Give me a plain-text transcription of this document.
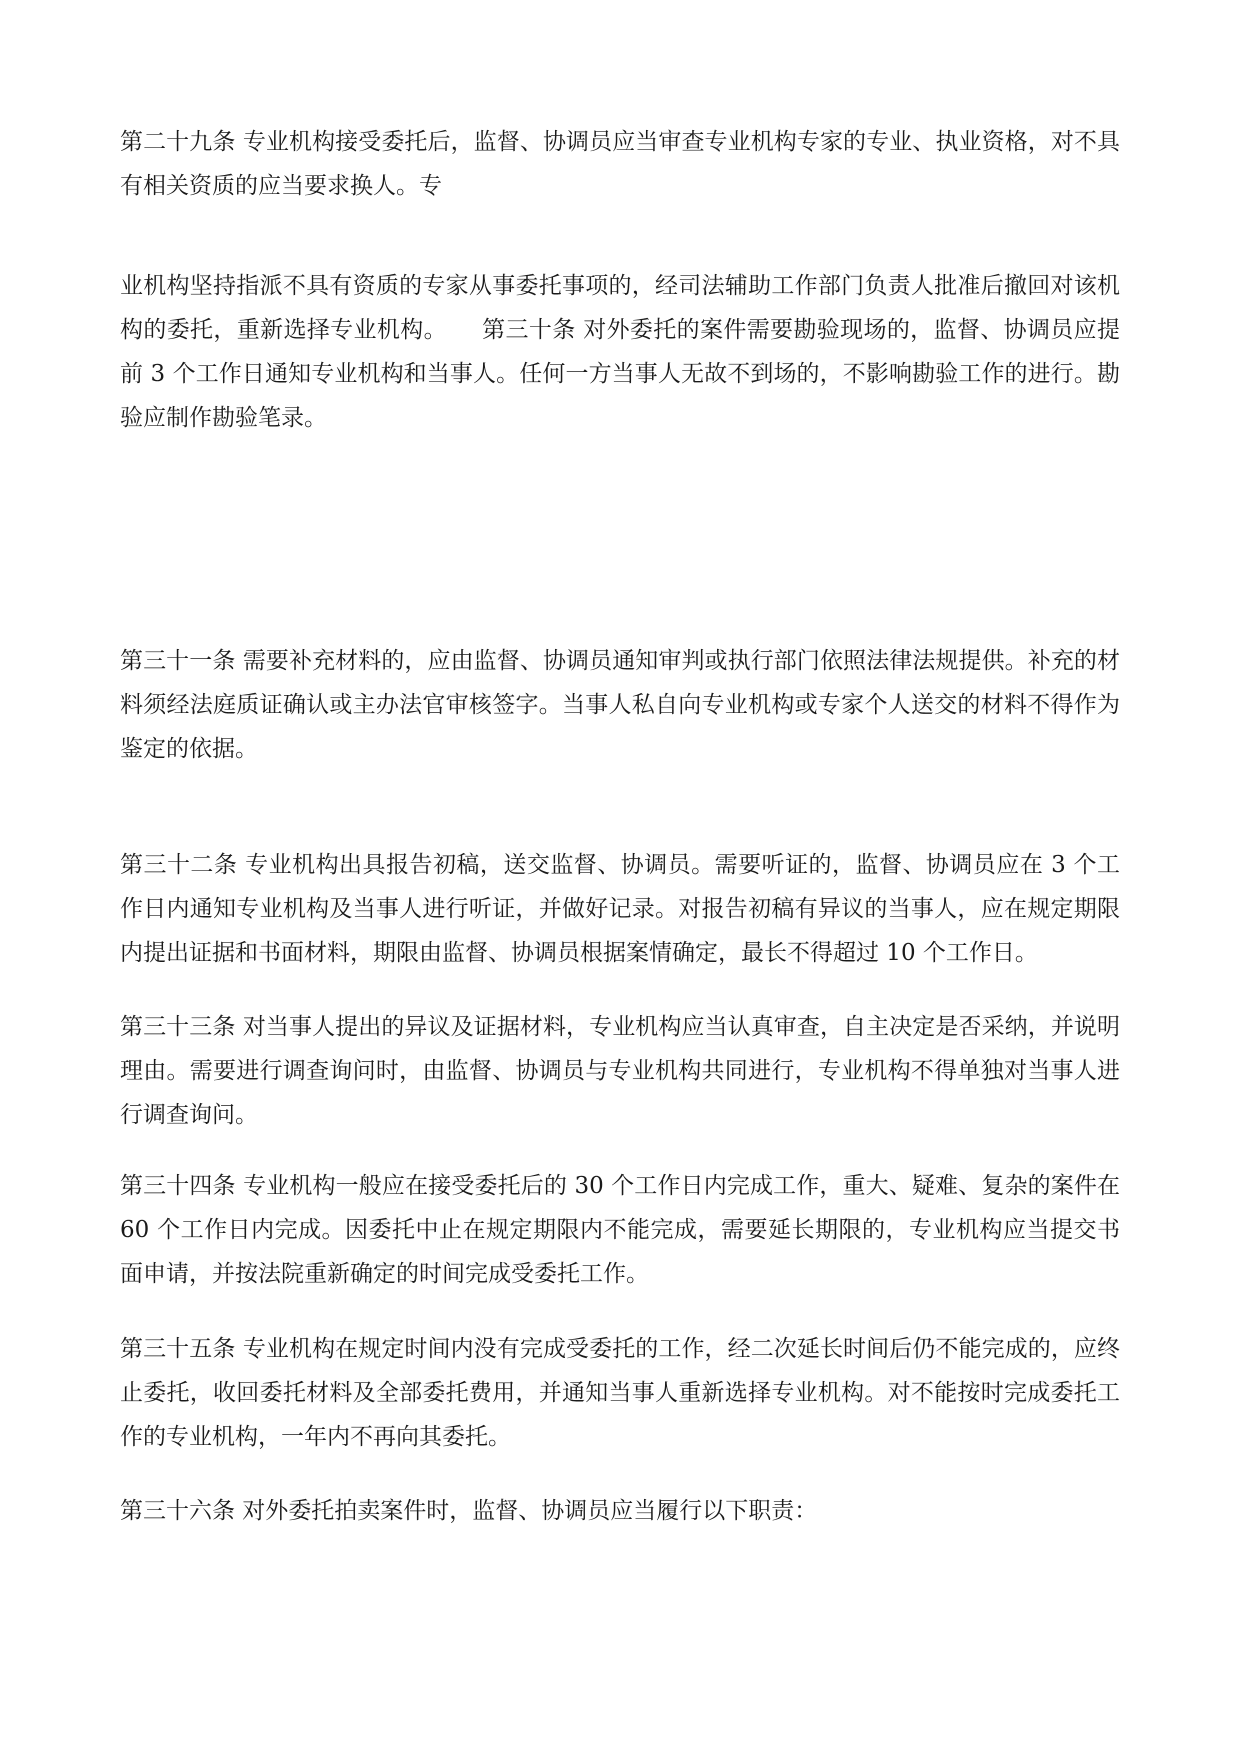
第二十九条 专业机构接受委托后，监督、协调员应当审查专业机构专家的专业、执业资格，对不具有相关资质的应当要求换人。专

业机构坚持指派不具有资质的专家从事委托事项的，经司法辅助工作部门负责人批准后撤回对该机构的委托，重新选择专业机构。　　第三十条 对外委托的案件需要勘验现场的，监督、协调员应提前 3 个工作日通知专业机构和当事人。任何一方当事人无故不到场的，不影响勘验工作的进行。勘验应制作勘验笔录。

第三十一条 需要补充材料的，应由监督、协调员通知审判或执行部门依照法律法规提供。补充的材料须经法庭质证确认或主办法官审核签字。当事人私自向专业机构或专家个人送交的材料不得作为鉴定的依据。

第三十二条 专业机构出具报告初稿，送交监督、协调员。需要听证的，监督、协调员应在 3 个工作日内通知专业机构及当事人进行听证，并做好记录。对报告初稿有异议的当事人，应在规定期限内提出证据和书面材料，期限由监督、协调员根据案情确定，最长不得超过 10 个工作日。

第三十三条 对当事人提出的异议及证据材料，专业机构应当认真审查，自主决定是否采纳，并说明理由。需要进行调查询问时，由监督、协调员与专业机构共同进行，专业机构不得单独对当事人进行调查询问。

第三十四条 专业机构一般应在接受委托后的 30 个工作日内完成工作，重大、疑难、复杂的案件在 60 个工作日内完成。因委托中止在规定期限内不能完成，需要延长期限的，专业机构应当提交书面申请，并按法院重新确定的时间完成受委托工作。

第三十五条 专业机构在规定时间内没有完成受委托的工作，经二次延长时间后仍不能完成的，应终止委托，收回委托材料及全部委托费用，并通知当事人重新选择专业机构。对不能按时完成委托工作的专业机构，一年内不再向其委托。

第三十六条 对外委托拍卖案件时，监督、协调员应当履行以下职责：
